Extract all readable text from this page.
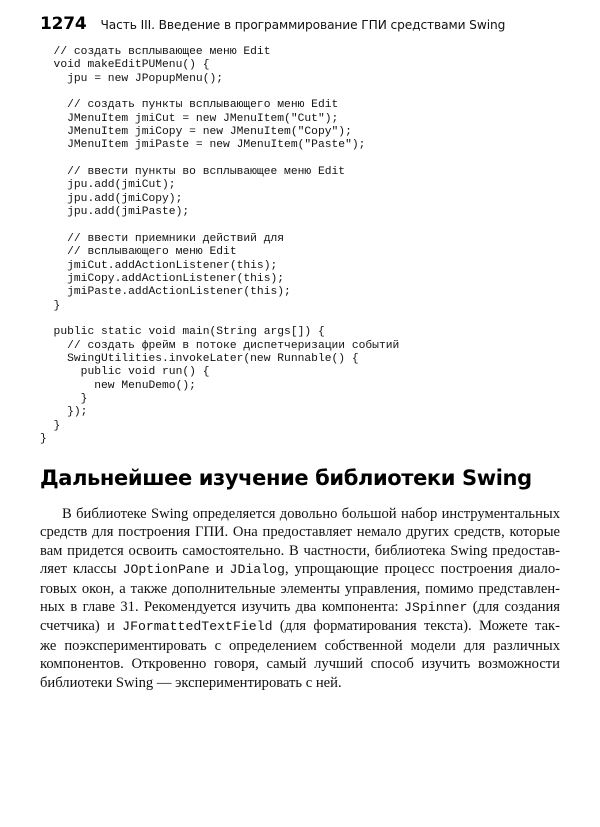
1274 Часть III. Введение в программирование ГПИ средствами Swing
// создать всплывающее меню Edit
void makeEditPUMenu() {
jpu = new JPopupMenu();
// создать пункты всплывающего меню Edit
JMenuItem jmiCut = new JMenuItem("Cut");
JMenuItem jmiCopy = new JMenuItem("Copy");
JMenuItem jmiPaste = new JMenuItem("Paste");
// ввести пункты во всплывающее меню Edit
jpu.add(jmiCut);
jpu.add(jmiCopy);
jpu.add(jmiPaste);
// ввести приемники действий для
// всплывающего меню Edit
jmiCut.addActionListener(this);
jmiCopy.addActionListener(this);
jmiPaste.addActionListener(this);
}
public static void main(String args[]) {
// создать фрейм в потоке диспетчеризации событий
SwingUtilities.invokeLater(new Runnable() {
public void run() {
new MenuDemo();
}
});
}
}
Дальнейшее изучение библиотеки Swing
В библиотеке Swing определяется довольно большой набор инструментальных
средств для построения ГПИ. Она предоставляет немало других средств, которые
вам придется освоить самостоятельно. В частности, библиотека Swing предостав-
ляет классы JOptionPane и JDialog, упрощающие процесс построения диало-
говых окон, а также дополнительные элементы управления, помимо представлен-
ных в главе 31. Рекомендуется изучить два компонента: JSpinner (для создания
счетчика) и JFormattedTextField (для форматирования текста). Можете так-
же поэкспериментировать с определением собственной модели для различных
компонентов. Откровенно говоря, самый лучший способ изучить возможности
библиотеки Swing — экспериментировать с ней.
